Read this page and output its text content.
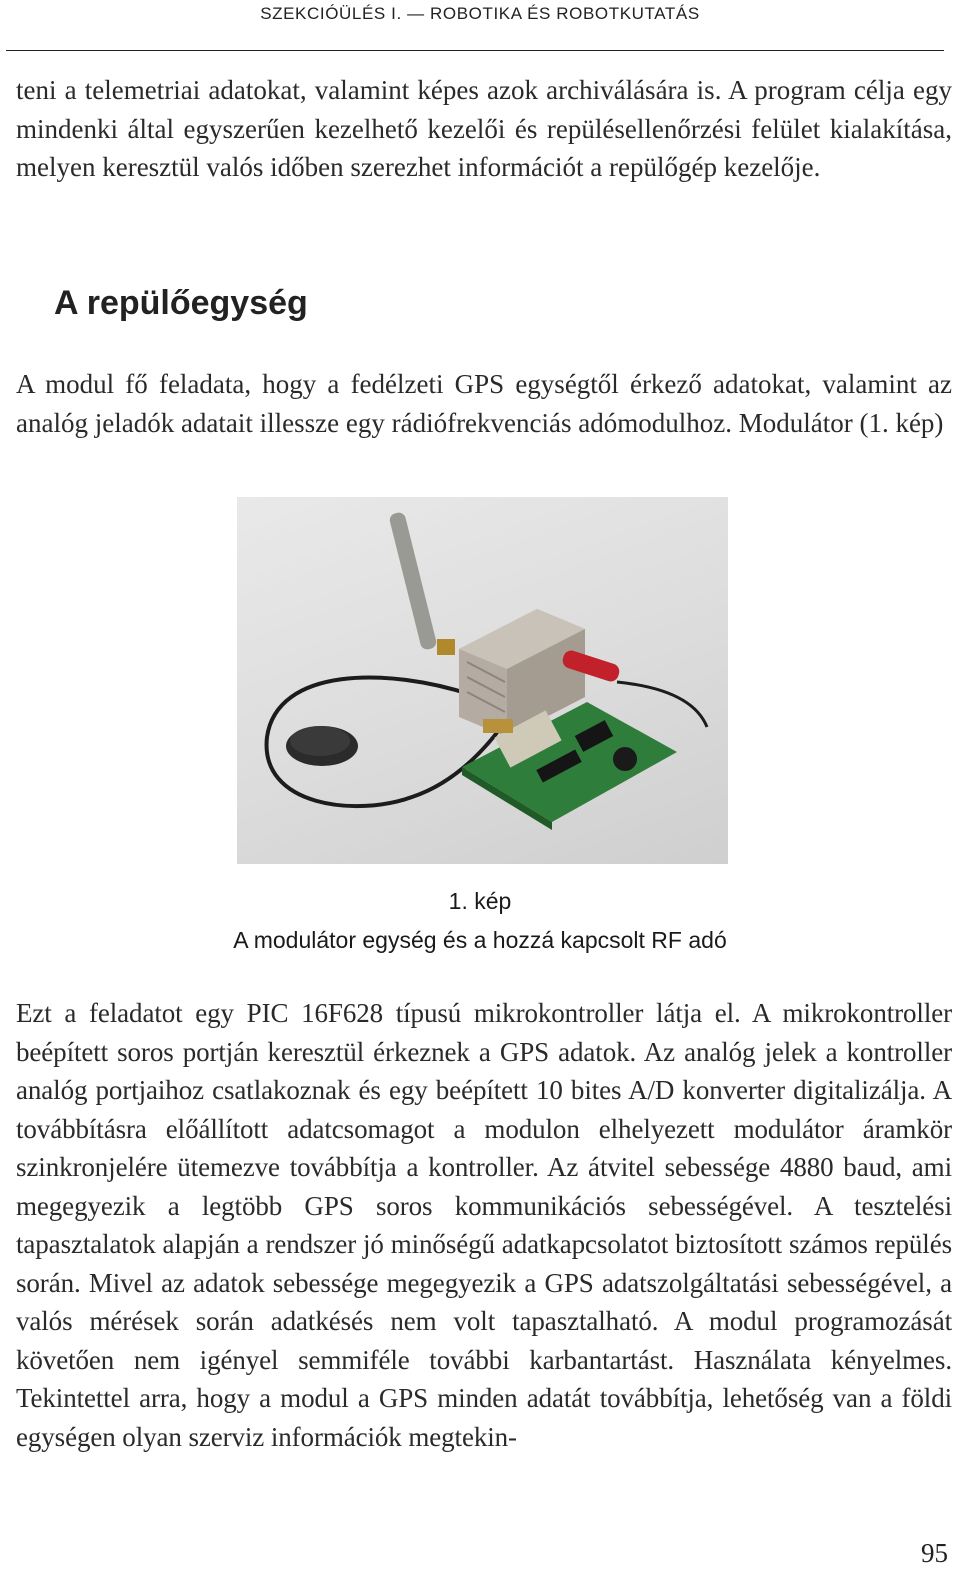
SZEKCIÓÜLÉS I. — ROBOTIKA ÉS ROBOTKUTATÁS

teni a telemetriai adatokat, valamint képes azok archiválására is. A program célja egy mindenki által egyszerűen kezelhető kezelői és repülésellenőrzési felület kialakítása, melyen keresztül valós időben szerezhet információt a repülőgép kezelője.

A repülőegység

A modul fő feladata, hogy a fedélzeti GPS egységtől érkező adatokat, valamint az analóg jeladók adatait illessze egy rádiófrekvenciás adómodulhoz. Modulátor (1. kép)

1. kép
A modulátor egység és a hozzá kapcsolt RF adó

Ezt a feladatot egy PIC 16F628 típusú mikrokontroller látja el. A mikrokontroller beépített soros portján keresztül érkeznek a GPS adatok. Az analóg jelek a kontroller analóg portjaihoz csatlakoznak és egy beépített 10 bites A/D konverter digitalizálja. A továbbításra előállított adatcsomagot a modulon elhelyezett modulátor áramkör szinkronjelére ütemezve továbbítja a kontroller. Az átvitel sebessége 4880 baud, ami megegyezik a legtöbb GPS soros kommunikációs sebességével. A tesztelési tapasztalatok alapján a rendszer jó minőségű adatkapcsolatot biztosított számos repülés során. Mivel az adatok sebessége megegyezik a GPS adatszolgáltatási sebességével, a valós mérések során adatkésés nem volt tapasztalható. A modul programozását követően nem igényel semmiféle további karbantartást. Használata kényelmes. Tekintettel arra, hogy a modul a GPS minden adatát továbbítja, lehetőség van a földi egységen olyan szerviz információk megtekin-

95
